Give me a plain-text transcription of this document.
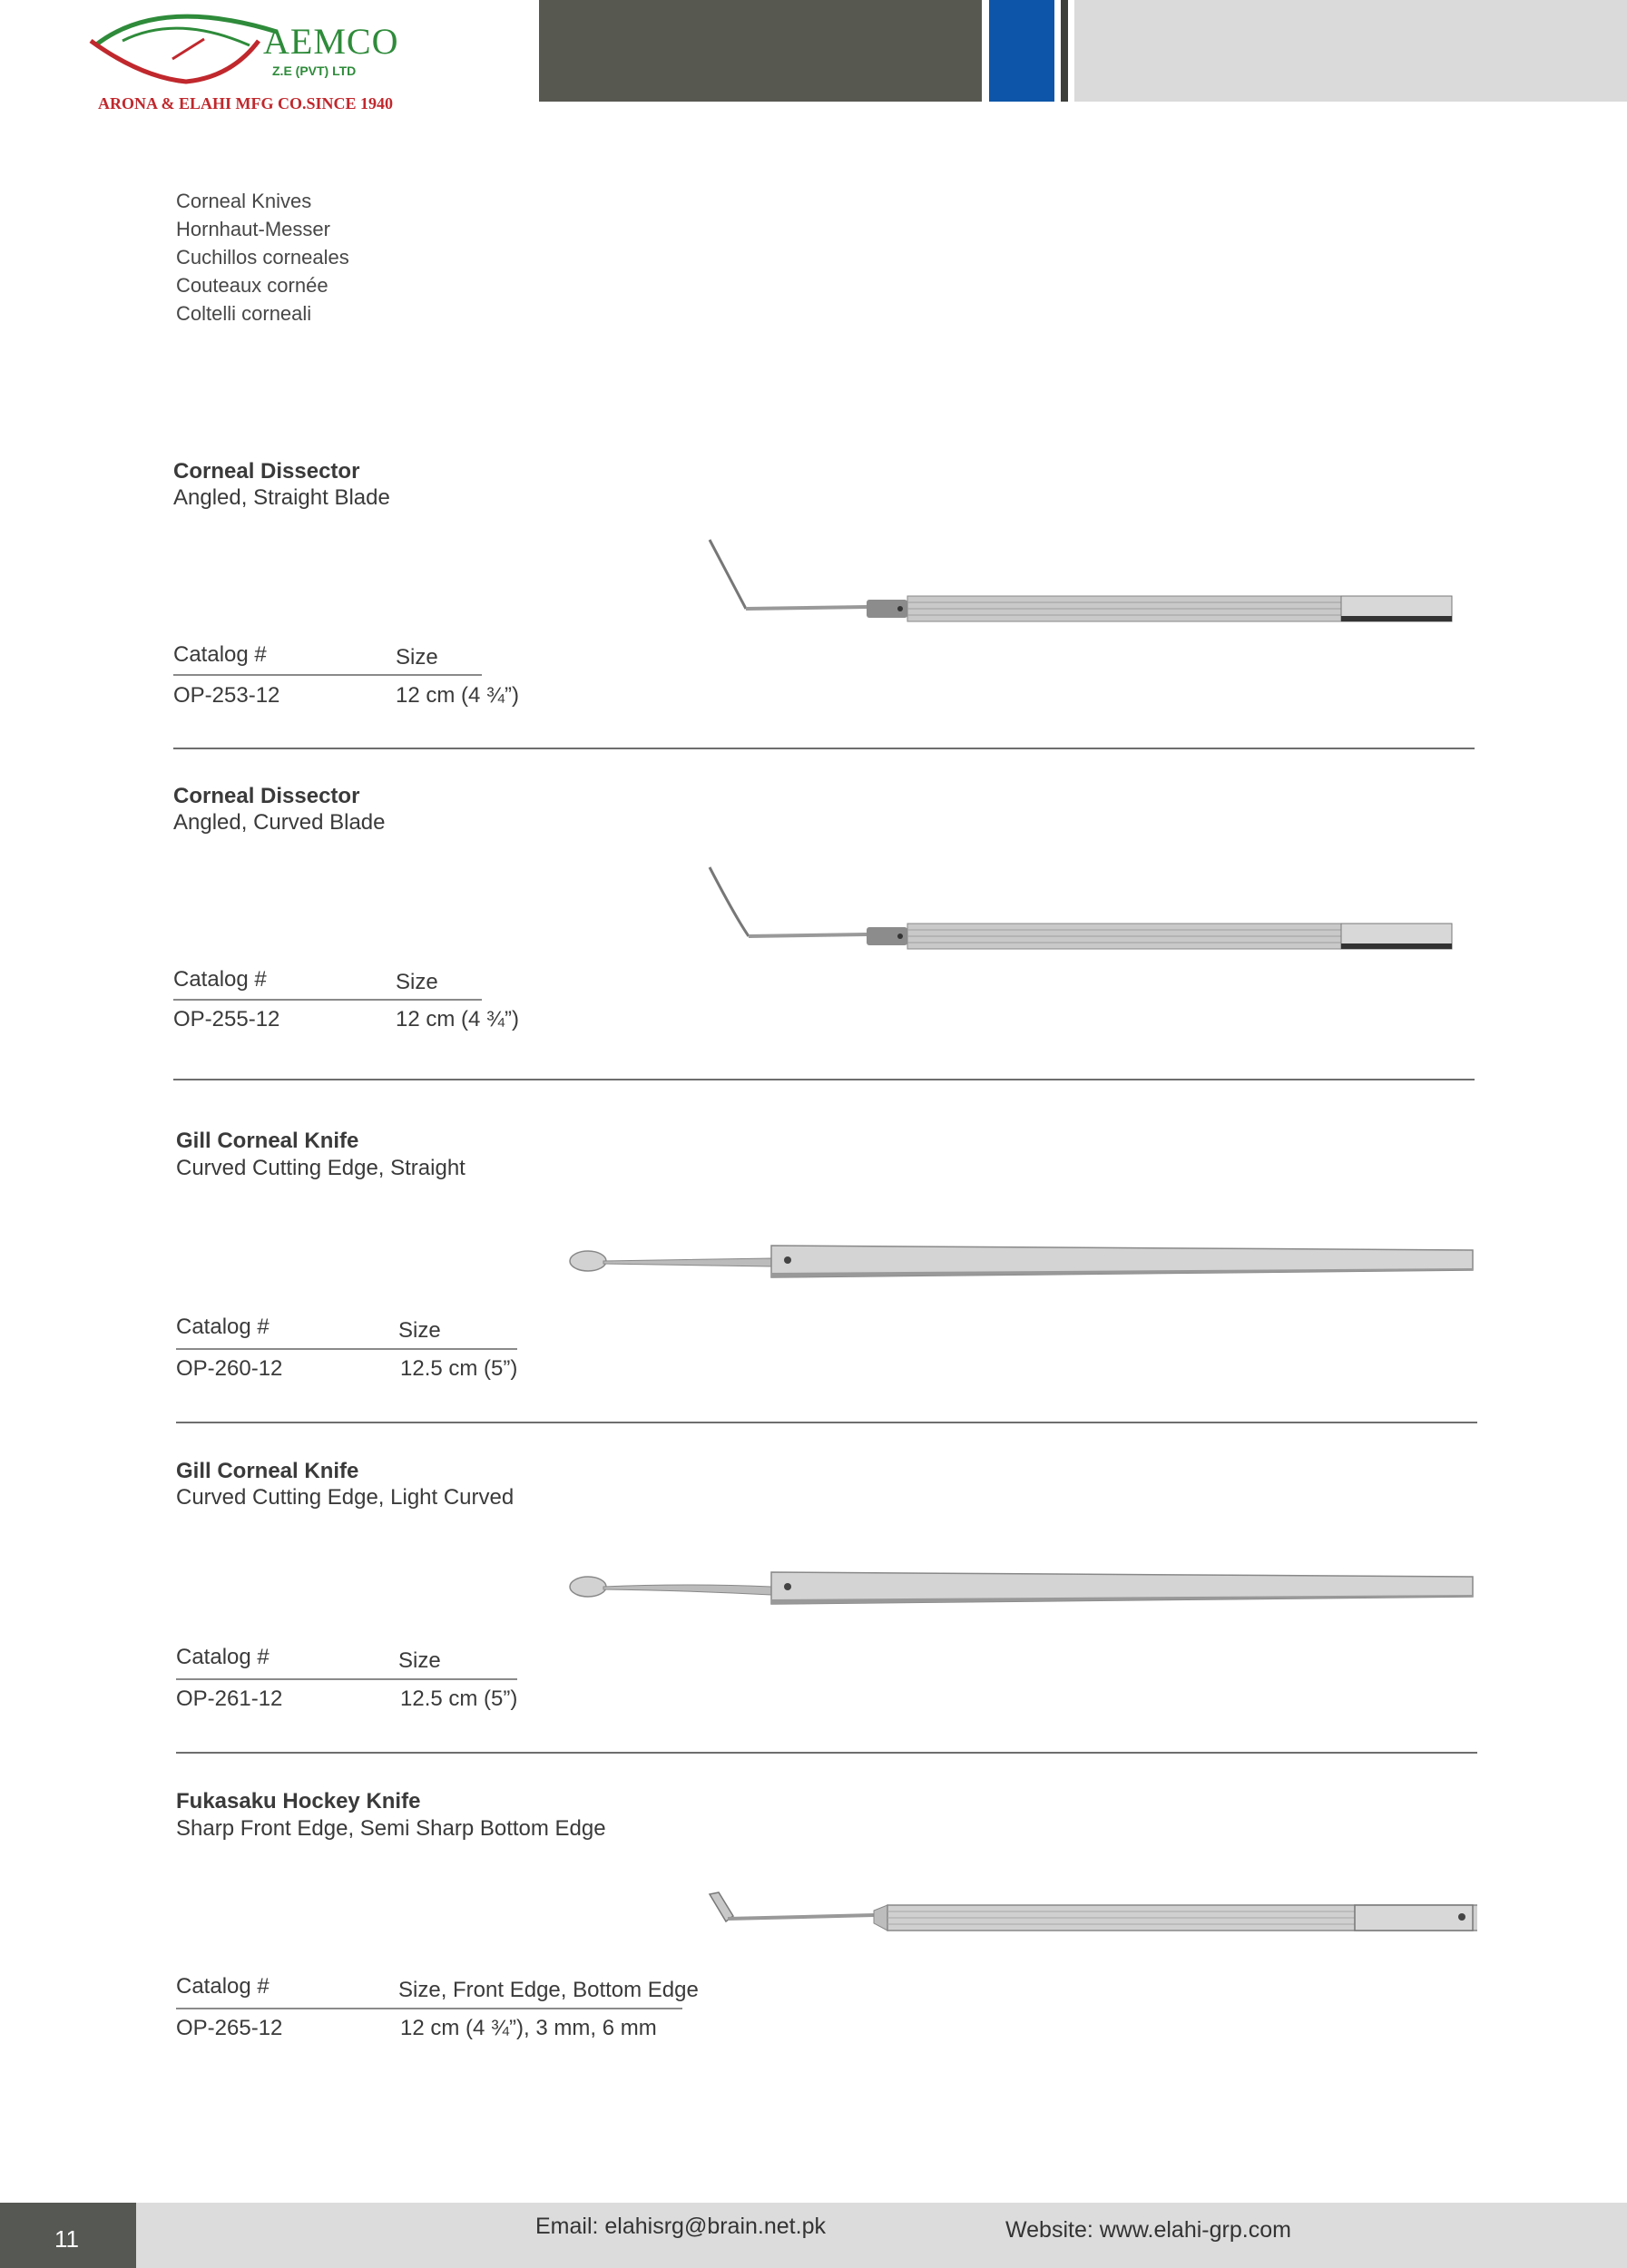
AEMCO
Z.E (PVT) LTD
ARONA & ELAHI MFG CO.SINCE 1940
Corneal Knives
Hornhaut-Messer
Cuchillos corneales
Couteaux cornée
Coltelli corneali
Corneal Dissector
Angled, Straight Blade
Catalog #	Size
OP-253-12	12 cm (4 ¾”)
Corneal Dissector
Angled, Curved Blade
Catalog #	Size
OP-255-12	12 cm (4 ¾”)
Gill Corneal Knife
Curved Cutting Edge, Straight
Catalog #	Size
OP-260-12	12.5 cm (5”)
Gill Corneal Knife
Curved Cutting Edge, Light Curved
Catalog #	Size
OP-261-12	12.5 cm (5”)
Fukasaku Hockey Knife
Sharp Front Edge, Semi Sharp Bottom Edge
Catalog #	Size, Front Edge, Bottom Edge
OP-265-12	12 cm (4 ¾”), 3 mm, 6 mm
11	Email: elahisrg@brain.net.pk	Website: www.elahi-grp.com
